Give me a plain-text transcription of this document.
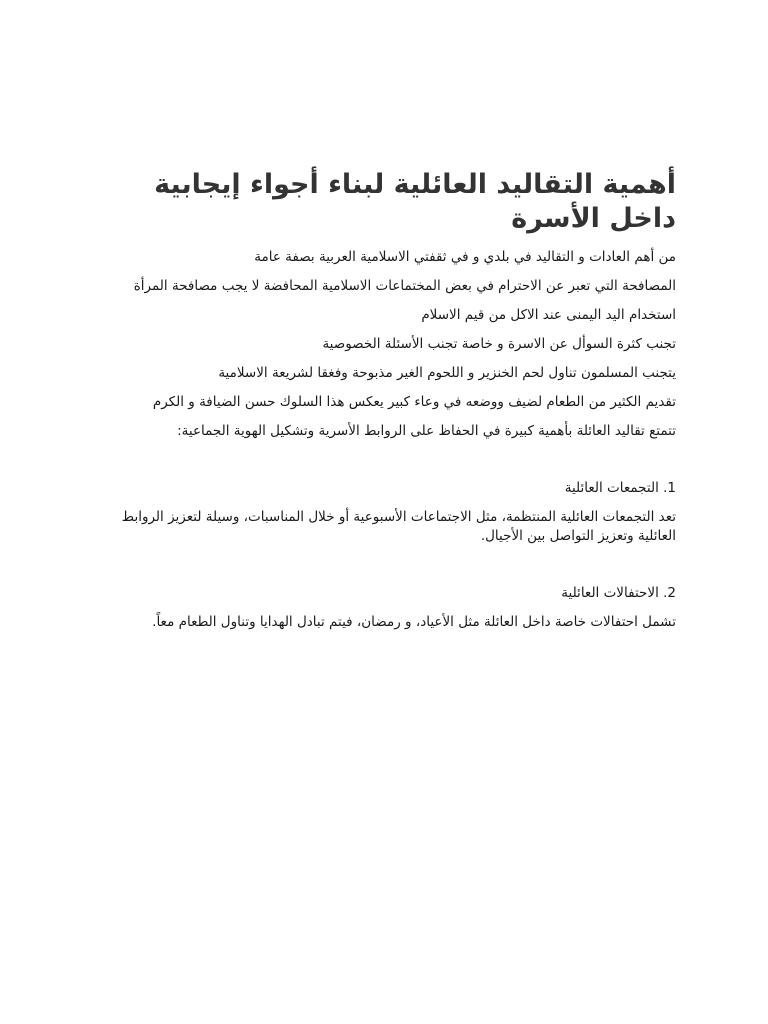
أهمية التقاليد العائلية لبناء أجواء إيجابية داخل الأسرة

من أهم العادات و التقاليد في بلدي و في ثقفتي الاسلامية العربية بصفة عامة

المصافحة التي تعبر عن الاحترام في بعض المختماعات الاسلامية المحافضة لا يجب مصافحة المرأة

استخدام اليد اليمنى عند الاكل من قيم الاسلام

تجنب كثرة السوأل عن الاسرة و خاصة تجنب الأسئلة الخصوصية

يتجنب المسلمون تناول لحم الخنزير و اللحوم الغير مذبوحة وفغقا لشريعة الاسلامية

تقديم الكثير من الطعام لضيف ووضعه في وعاء كبير يعكس هذا السلوك حسن الضيافة و الكرم

تتمتع تقاليد العائلة بأهمية كبيرة في الحفاظ على الروابط الأسرية وتشكيل الهوية الجماعية:

1. التجمعات العائلية

تعد التجمعات العائلية المنتظمة، مثل الاجتماعات الأسبوعية أو خلال المناسبات، وسيلة لتعزيز الروابط العائلية وتعزيز التواصل بين الأجيال.

2. الاحتفالات العائلية

تشمل احتفالات خاصة داخل العائلة مثل الأعياد، و رمضان، فيتم تبادل الهدايا وتناول الطعام معاً.
